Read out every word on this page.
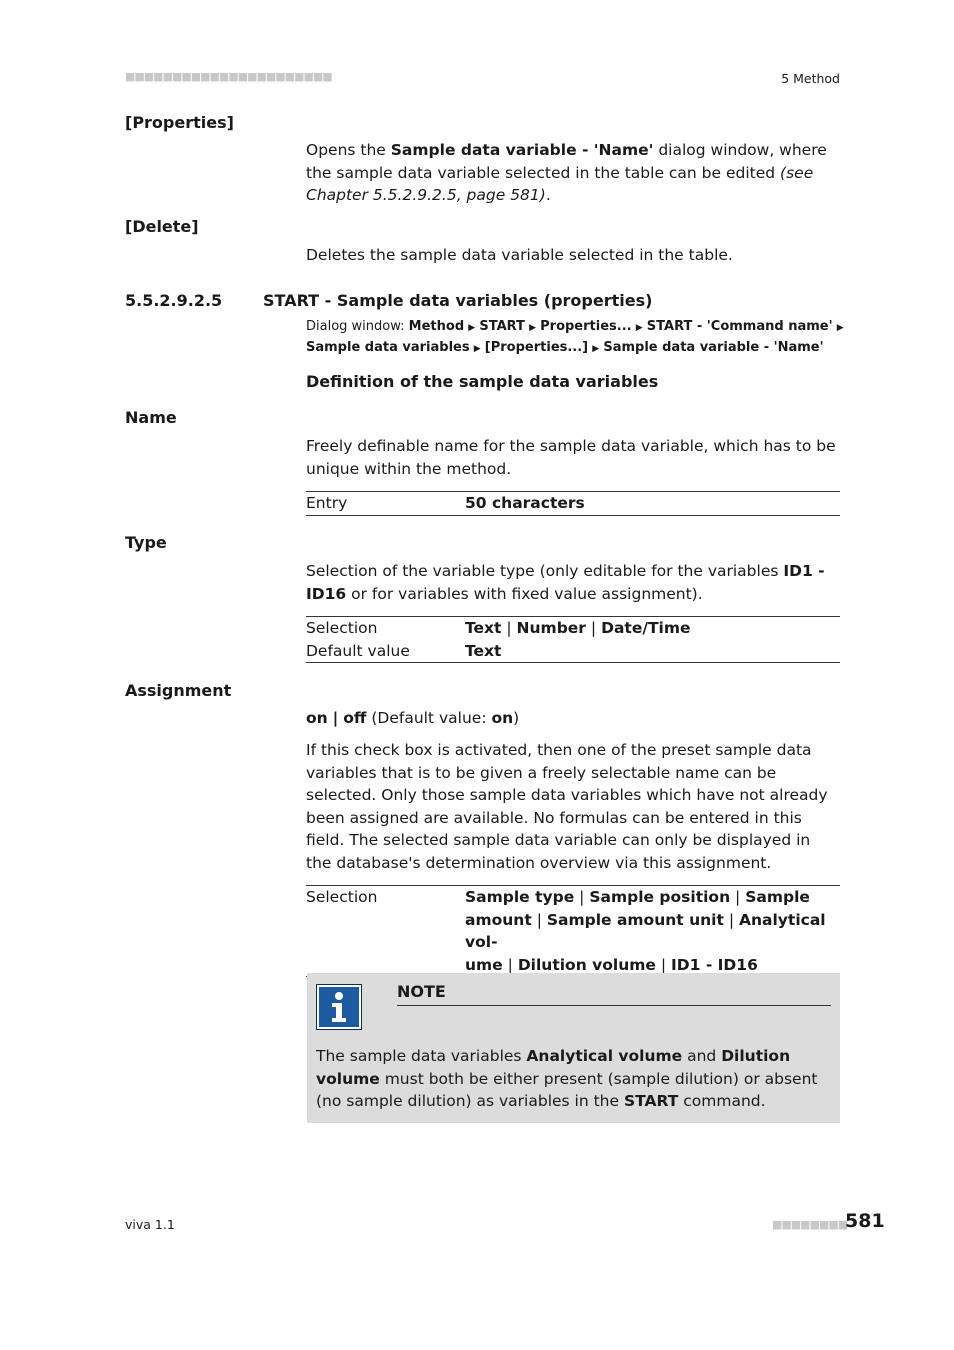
■■■■■■■■■■■■■■■■■■■■■■	5 Method
[Properties]
Opens the Sample data variable - 'Name' dialog window, where the sample data variable selected in the table can be edited (see Chapter 5.5.2.9.2.5, page 581).
[Delete]
Deletes the sample data variable selected in the table.
5.5.2.9.2.5	START - Sample data variables (properties)
Dialog window: Method ▶ START ▶ Properties... ▶ START - 'Command name' ▶ Sample data variables ▶ [Properties...] ▶ Sample data variable - 'Name'
Definition of the sample data variables
Name
Freely definable name for the sample data variable, which has to be unique within the method.
Entry	50 characters
Type
Selection of the variable type (only editable for the variables ID1 - ID16 or for variables with fixed value assignment).
Selection	Text | Number | Date/Time
Default value	Text
Assignment
on | off (Default value: on)
If this check box is activated, then one of the preset sample data variables that is to be given a freely selectable name can be selected. Only those sample data variables which have not already been assigned are available. No formulas can be entered in this field. The selected sample data variable can only be displayed in the database's determination overview via this assignment.
Selection	Sample type | Sample position | Sample
amount | Sample amount unit | Analytical vol-
ume | Dilution volume | ID1 - ID16
NOTE
The sample data variables Analytical volume and Dilution volume must both be either present (sample dilution) or absent (no sample dilution) as variables in the START command.
viva 1.1	■■■■■■■■
581
